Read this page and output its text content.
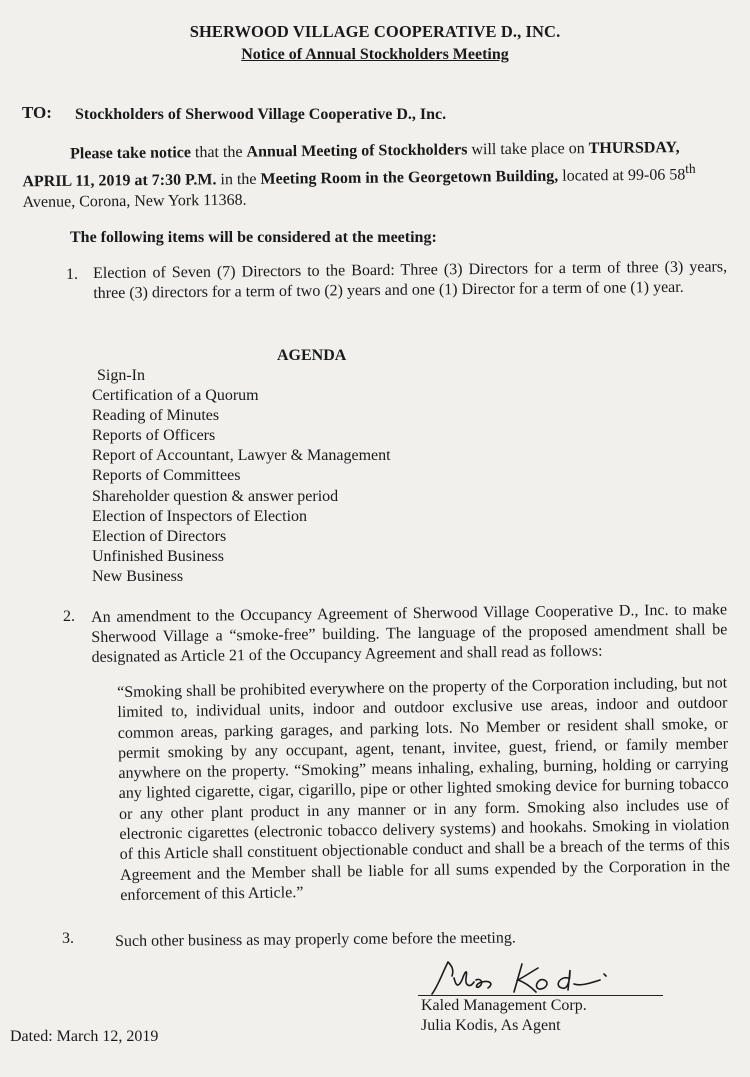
SHERWOOD VILLAGE COOPERATIVE D., INC.

Notice of Annual Stockholders Meeting

TO: Stockholders of Sherwood Village Cooperative D., Inc.

Please take notice that the Annual Meeting of Stockholders will take place on THURSDAY, APRIL 11, 2019 at 7:30 P.M. in the Meeting Room in the Georgetown Building, located at 99-06 58th Avenue, Corona, New York 11368.

The following items will be considered at the meeting:

1. Election of Seven (7) Directors to the Board: Three (3) Directors for a term of three (3) years, three (3) directors for a term of two (2) years and one (1) Director for a term of one (1) year.

AGENDA

Sign-In
Certification of a Quorum
Reading of Minutes
Reports of Officers
Report of Accountant, Lawyer & Management
Reports of Committees
Shareholder question & answer period
Election of Inspectors of Election
Election of Directors
Unfinished Business
New Business
2. An amendment to the Occupancy Agreement of Sherwood Village Cooperative D., Inc. to make Sherwood Village a “smoke-free” building. The language of the proposed amendment shall be designated as Article 21 of the Occupancy Agreement and shall read as follows:

“Smoking shall be prohibited everywhere on the property of the Corporation including, but not limited to, individual units, indoor and outdoor exclusive use areas, indoor and outdoor common areas, parking garages, and parking lots. No Member or resident shall smoke, or permit smoking by any occupant, agent, tenant, invitee, guest, friend, or family member anywhere on the property. “Smoking” means inhaling, exhaling, burning, holding or carrying any lighted cigarette, cigar, cigarillo, pipe or other lighted smoking device for burning tobacco or any other plant product in any manner or in any form. Smoking also includes use of electronic cigarettes (electronic tobacco delivery systems) and hookahs. Smoking in violation of this Article shall constituent objectionable conduct and shall be a breach of the terms of this Agreement and the Member shall be liable for all sums expended by the Corporation in the enforcement of this Article.”

3.	Such other business as may properly come before the meeting.

Kaled Management Corp.
Julia Kodis, As Agent
Dated: March 12, 2019
